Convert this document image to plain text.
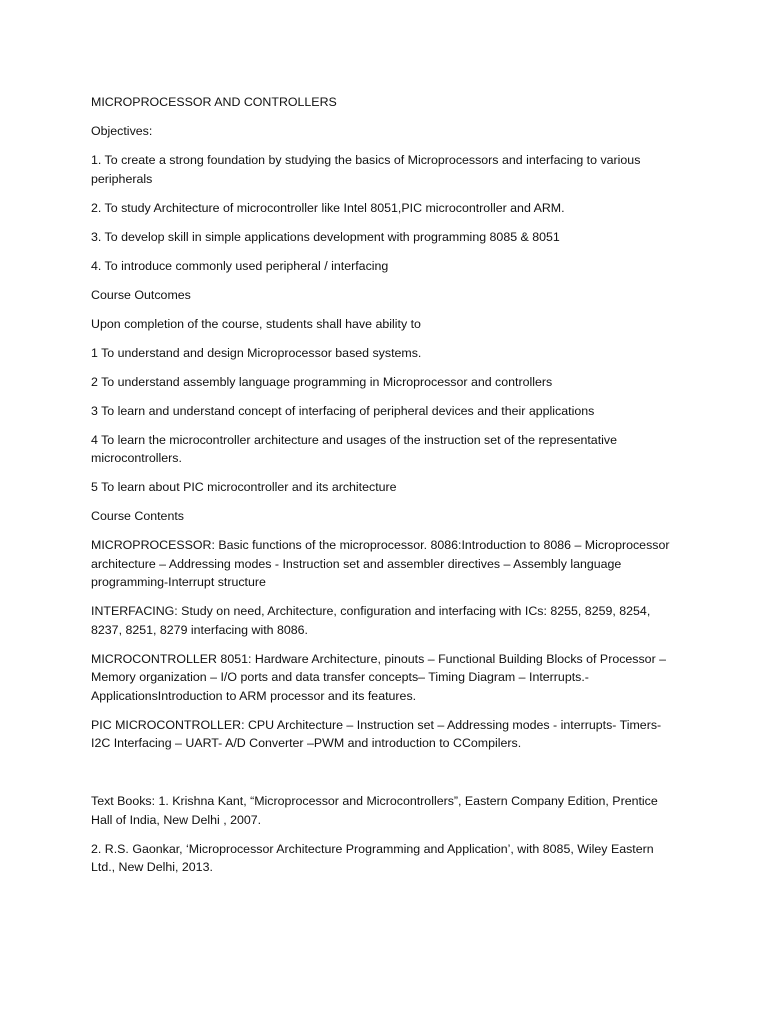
MICROPROCESSOR AND CONTROLLERS

Objectives:

1. To create a strong foundation by studying the basics of Microprocessors and interfacing to various peripherals

2. To study Architecture of microcontroller like Intel 8051,PIC microcontroller and ARM.

3. To develop skill in simple applications development with programming 8085 & 8051

4. To introduce commonly used peripheral / interfacing

Course Outcomes

Upon completion of the course, students shall have ability to

1 To understand and design Microprocessor based systems.

2 To understand assembly language programming in Microprocessor and controllers

3 To learn and understand concept of interfacing of peripheral devices and their applications

4 To learn the microcontroller architecture and usages of the instruction set of the representative microcontrollers.

5 To learn about PIC microcontroller and its architecture

Course Contents

MICROPROCESSOR: Basic functions of the microprocessor. 8086:Introduction to 8086 – Microprocessor architecture – Addressing modes - Instruction set and assembler directives – Assembly language programming-Interrupt structure

INTERFACING: Study on need, Architecture, configuration and interfacing with ICs: 8255, 8259, 8254, 8237, 8251, 8279 interfacing with 8086.

MICROCONTROLLER 8051: Hardware Architecture, pinouts – Functional Building Blocks of Processor – Memory organization – I/O ports and data transfer concepts– Timing Diagram – Interrupts.- ApplicationsIntroduction to ARM processor and its features.

PIC MICROCONTROLLER: CPU Architecture – Instruction set – Addressing modes - interrupts- Timers- I2C Interfacing – UART- A/D Converter –PWM and introduction to CCompilers.

Text Books: 1. Krishna Kant, “Microprocessor and Microcontrollers”, Eastern Company Edition, Prentice Hall of India, New Delhi , 2007.

2. R.S. Gaonkar, ‘Microprocessor Architecture Programming and Application’, with 8085, Wiley Eastern Ltd., New Delhi, 2013.
